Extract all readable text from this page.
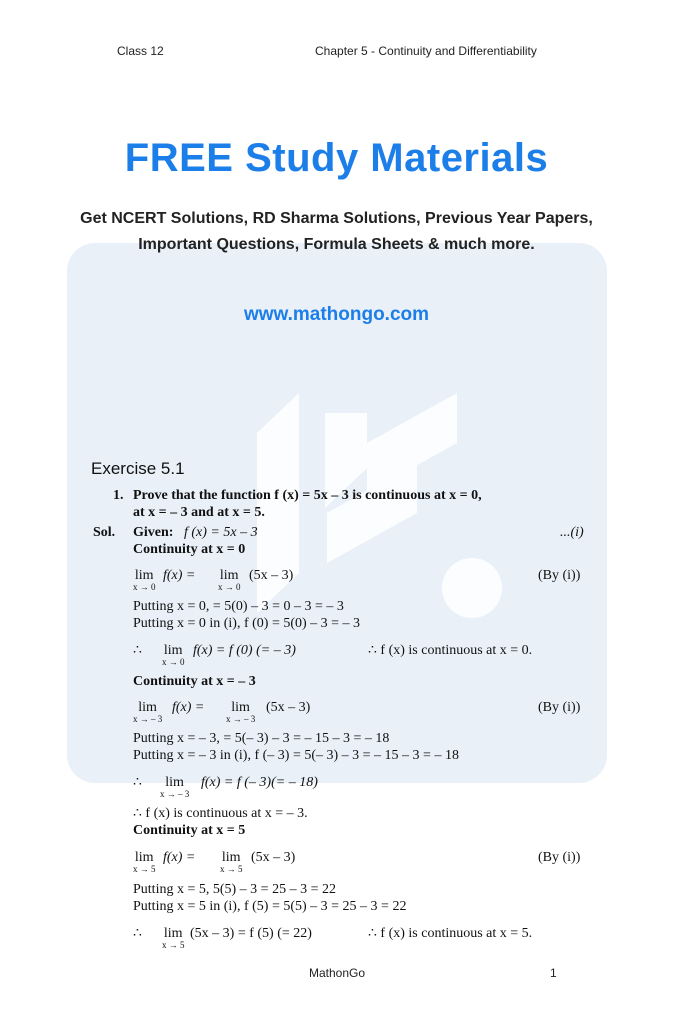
Class 12	Chapter 5 - Continuity and Differentiability
FREE Study Materials
Get NCERT Solutions, RD Sharma Solutions, Previous Year Papers,
Important Questions, Formula Sheets & much more.
www.mathongo.com
Exercise 5.1
1. Prove that the function f (x) = 5x – 3 is continuous at x = 0,
at x = – 3 and at x = 5.
Sol. Given: f (x) = 5x – 3	...(i)
Continuity at x = 0
lim
x → 0
f(x) = lim
x → 0
(5x – 3)	(By (i))
Putting x = 0, = 5(0) – 3 = 0 – 3 = – 3
Putting x = 0 in (i), f (0) = 5(0) – 3 = – 3
∴ lim
x → 0
f(x) = f (0) (= – 3)	∴ f (x) is continuous at x = 0.
Continuity at x = – 3
lim
x → – 3
f(x) =	lim
x → – 3
(5x – 3)	(By (i))
Putting x = – 3, = 5(– 3) – 3 = – 15 – 3 = – 18
Putting x = – 3 in (i), f (– 3) = 5(– 3) – 3 = – 15 – 3 = – 18
∴	lim
x → – 3
f(x) = f (– 3)(= – 18)
∴ f (x) is continuous at x = – 3.
Continuity at x = 5
lim
x → 5
f(x) = lim
x → 5
(5x – 3)	(By (i))
Putting x = 5, 5(5) – 3 = 25 – 3 = 22
Putting x = 5 in (i), f (5) = 5(5) – 3 = 25 – 3 = 22
∴ lim
x → 5
(5x – 3) = f (5) (= 22)	∴ f (x) is continuous at x = 5.
MathonGo	1
